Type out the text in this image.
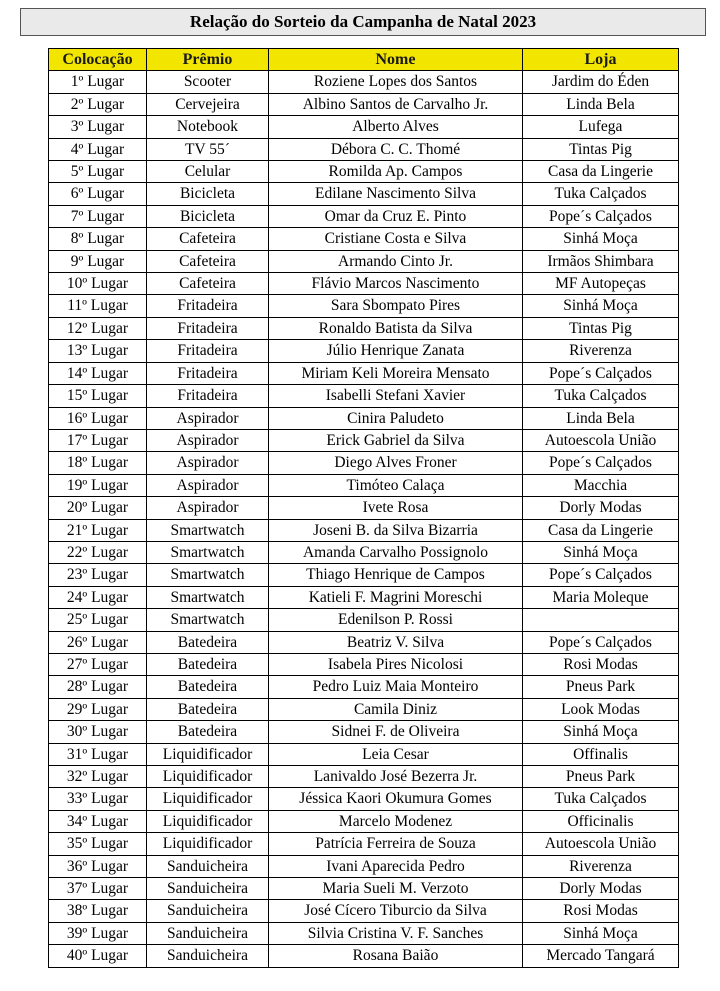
Relação do Sorteio da Campanha de Natal 2023
Colocação	Prêmio	Nome	Loja
1º Lugar	Scooter	Roziene Lopes dos Santos	Jardim do Éden
2º Lugar	Cervejeira	Albino Santos de Carvalho Jr.	Linda Bela
3º Lugar	Notebook	Alberto Alves	Lufega
4º Lugar	TV 55´	Débora C. C. Thomé	Tintas Pig
5º Lugar	Celular	Romilda Ap. Campos	Casa da Lingerie
6º Lugar	Bicicleta	Edilane Nascimento Silva	Tuka Calçados
7º Lugar	Bicicleta	Omar da Cruz E. Pinto	Pope´s Calçados
8º Lugar	Cafeteira	Cristiane Costa e Silva	Sinhá Moça
9º Lugar	Cafeteira	Armando Cinto Jr.	Irmãos Shimbara
10º Lugar	Cafeteira	Flávio Marcos Nascimento	MF Autopeças
11º Lugar	Fritadeira	Sara Sbompato Pires	Sinhá Moça
12º Lugar	Fritadeira	Ronaldo Batista da Silva	Tintas Pig
13º Lugar	Fritadeira	Júlio Henrique Zanata	Riverenza
14º Lugar	Fritadeira	Miriam Keli Moreira Mensato	Pope´s Calçados
15º Lugar	Fritadeira	Isabelli Stefani Xavier	Tuka Calçados
16º Lugar	Aspirador	Cinira Paludeto	Linda Bela
17º Lugar	Aspirador	Erick Gabriel da Silva	Autoescola União
18º Lugar	Aspirador	Diego Alves Froner	Pope´s Calçados
19º Lugar	Aspirador	Timóteo Calaça	Macchia
20º Lugar	Aspirador	Ivete Rosa	Dorly Modas
21º Lugar	Smartwatch	Joseni B. da Silva Bizarria	Casa da Lingerie
22º Lugar	Smartwatch	Amanda Carvalho Possignolo	Sinhá Moça
23º Lugar	Smartwatch	Thiago Henrique de Campos	Pope´s Calçados
24º Lugar	Smartwatch	Katieli F. Magrini Moreschi	Maria Moleque
25º Lugar	Smartwatch	Edenilson P. Rossi	
26º Lugar	Batedeira	Beatriz V. Silva	Pope´s Calçados
27º Lugar	Batedeira	Isabela Pires Nicolosi	Rosi Modas
28º Lugar	Batedeira	Pedro Luiz Maia Monteiro	Pneus Park
29º Lugar	Batedeira	Camila Diniz	Look Modas
30º Lugar	Batedeira	Sidnei F. de Oliveira	Sinhá Moça
31º Lugar	Liquidificador	Leia Cesar	Offinalis
32º Lugar	Liquidificador	Lanivaldo José Bezerra Jr.	Pneus Park
33º Lugar	Liquidificador	Jéssica Kaori Okumura Gomes	Tuka Calçados
34º Lugar	Liquidificador	Marcelo Modenez	Officinalis
35º Lugar	Liquidificador	Patrícia Ferreira de Souza	Autoescola União
36º Lugar	Sanduicheira	Ivani Aparecida Pedro	Riverenza
37º Lugar	Sanduicheira	Maria Sueli M. Verzoto	Dorly Modas
38º Lugar	Sanduicheira	José Cícero Tiburcio da Silva	Rosi Modas
39º Lugar	Sanduicheira	Silvia Cristina V. F. Sanches	Sinhá Moça
40º Lugar	Sanduicheira	Rosana Baião	Mercado Tangará
